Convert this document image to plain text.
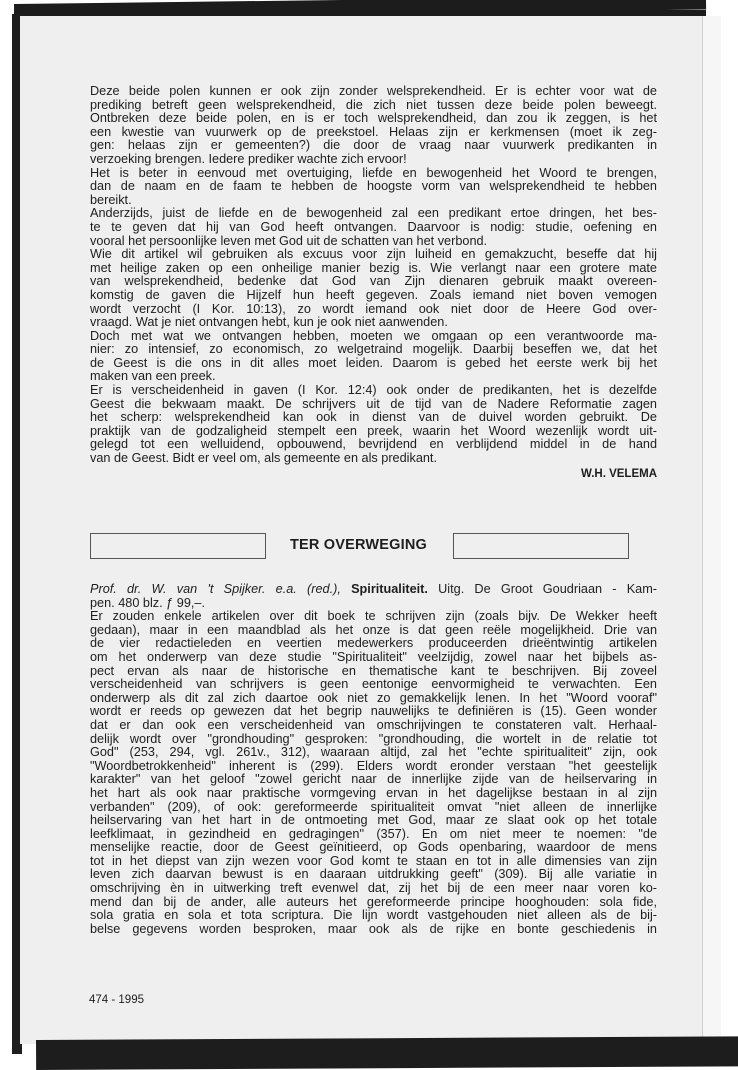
Deze beide polen kunnen er ook zijn zonder welsprekendheid. Er is echter voor wat de
prediking betreft geen welsprekendheid, die zich niet tussen deze beide polen beweegt.
Ontbreken deze beide polen, en is er toch welsprekendheid, dan zou ik zeggen, is het
een kwestie van vuurwerk op de preekstoel. Helaas zijn er kerkmensen (moet ik zeg-
gen: helaas zijn er gemeenten?) die door de vraag naar vuurwerk predikanten in
verzoeking brengen. Iedere prediker wachte zich ervoor!
Het is beter in eenvoud met overtuiging, liefde en bewogenheid het Woord te brengen,
dan de naam en de faam te hebben de hoogste vorm van welsprekendheid te hebben
bereikt.
Anderzijds, juist de liefde en de bewogenheid zal een predikant ertoe dringen, het bes-
te te geven dat hij van God heeft ontvangen. Daarvoor is nodig: studie, oefening en
vooral het persoonlijke leven met God uit de schatten van het verbond.
Wie dit artikel wil gebruiken als excuus voor zijn luiheid en gemakzucht, beseffe dat hij
met heilige zaken op een onheilige manier bezig is. Wie verlangt naar een grotere mate
van welsprekendheid, bedenke dat God van Zijn dienaren gebruik maakt overeen-
komstig de gaven die Hijzelf hun heeft gegeven. Zoals iemand niet boven vemogen
wordt verzocht (I Kor. 10:13), zo wordt iemand ook niet door de Heere God over-
vraagd. Wat je niet ontvangen hebt, kun je ook niet aanwenden.
Doch met wat we ontvangen hebben, moeten we omgaan op een verantwoorde ma-
nier: zo intensief, zo economisch, zo welgetraind mogelijk. Daarbij beseffen we, dat het
de Geest is die ons in dit alles moet leiden. Daarom is gebed het eerste werk bij het
maken van een preek.
Er is verscheidenheid in gaven (I Kor. 12:4) ook onder de predikanten, het is dezelfde
Geest die bekwaam maakt. De schrijvers uit de tijd van de Nadere Reformatie zagen
het scherp: welsprekendheid kan ook in dienst van de duivel worden gebruikt. De
praktijk van de godzaligheid stempelt een preek, waarin het Woord wezenlijk wordt uit-
gelegd tot een welluidend, opbouwend, bevrijdend en verblijdend middel in de hand
van de Geest. Bidt er veel om, als gemeente en als predikant.
W.H. VELEMA
TER OVERWEGING
Prof. dr. W. van 't Spijker. e.a. (red.), Spiritualiteit. Uitg. De Groot Goudriaan - Kam-
pen. 480 blz. ƒ 99,–.
Er zouden enkele artikelen over dit boek te schrijven zijn (zoals bijv. De Wekker heeft
gedaan), maar in een maandblad als het onze is dat geen reële mogelijkheid. Drie van
de vier redactieleden en veertien medewerkers produceerden drieëntwintig artikelen
om het onderwerp van deze studie "Spiritualiteit" veelzijdig, zowel naar het bijbels as-
pect ervan als naar de historische en thematische kant te beschrijven. Bij zoveel
verscheidenheid van schrijvers is geen eentonige eenvormigheid te verwachten. Een
onderwerp als dit zal zich daartoe ook niet zo gemakkelijk lenen. In het "Woord vooraf"
wordt er reeds op gewezen dat het begrip nauwelijks te definiëren is (15). Geen wonder
dat er dan ook een verscheidenheid van omschrijvingen te constateren valt. Herhaal-
delijk wordt over "grondhouding" gesproken: "grondhouding, die wortelt in de relatie tot
God" (253, 294, vgl. 261v., 312), waaraan altijd, zal het "echte spiritualiteit" zijn, ook
"Woordbetrokkenheid" inherent is (299). Elders wordt eronder verstaan "het geestelijk
karakter" van het geloof "zowel gericht naar de innerlijke zijde van de heilservaring in
het hart als ook naar praktische vormgeving ervan in het dagelijkse bestaan in al zijn
verbanden" (209), of ook: gereformeerde spiritualiteit omvat "niet alleen de innerlijke
heilservaring van het hart in de ontmoeting met God, maar ze slaat ook op het totale
leefklimaat, in gezindheid en gedragingen" (357). En om niet meer te noemen: "de
menselijke reactie, door de Geest geïnitieerd, op Gods openbaring, waardoor de mens
tot in het diepst van zijn wezen voor God komt te staan en tot in alle dimensies van zijn
leven zich daarvan bewust is en daaraan uitdrukking geeft" (309). Bij alle variatie in
omschrijving èn in uitwerking treft evenwel dat, zij het bij de een meer naar voren ko-
mend dan bij de ander, alle auteurs het gereformeerde principe hooghouden: sola fide,
sola gratia en sola et tota scriptura. Die lijn wordt vastgehouden niet alleen als de bij-
belse gegevens worden besproken, maar ook als de rijke en bonte geschiedenis in
474 - 1995
